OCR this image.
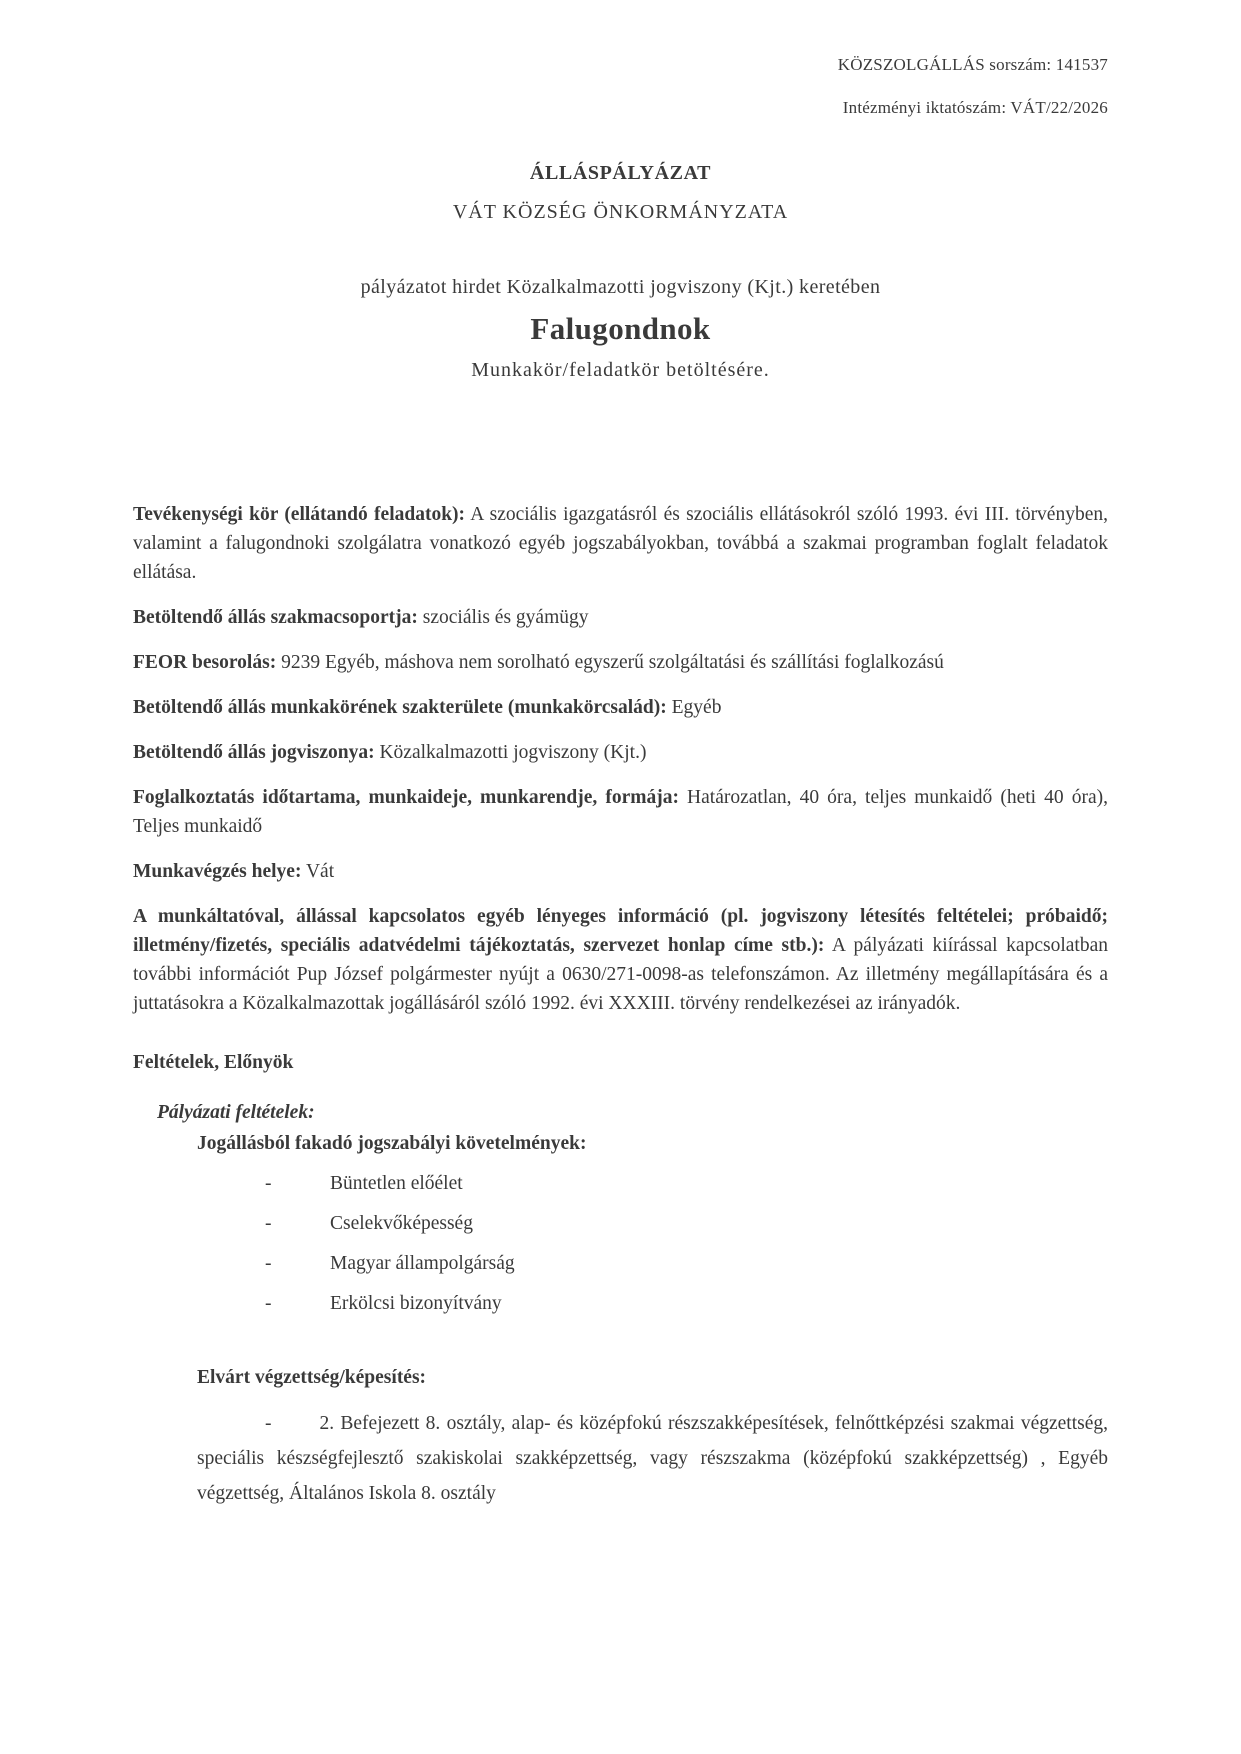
KÖZSZOLGÁLLÁS sorszám: 141537
Intézményi iktatószám: VÁT/22/2026
ÁLLÁSPÁLYÁZAT
VÁT KÖZSÉG ÖNKORMÁNYZATA
pályázatot hirdet Közalkalmazotti jogviszony (Kjt.) keretében
Falugondnok
Munkakör/feladatkör betöltésére.
Tevékenységi kör (ellátandó feladatok): A szociális igazgatásról és szociális ellátásokról szóló 1993. évi III. törvényben, valamint a falugondnoki szolgálatra vonatkozó egyéb jogszabályokban, továbbá a szakmai programban foglalt feladatok ellátása.
Betöltendő állás szakmacsoportja: szociális és gyámügy
FEOR besorolás: 9239 Egyéb, máshova nem sorolható egyszerű szolgáltatási és szállítási foglalkozású
Betöltendő állás munkakörének szakterülete (munkakörcsalád): Egyéb
Betöltendő állás jogviszonya: Közalkalmazotti jogviszony (Kjt.)
Foglalkoztatás időtartama, munkaideje, munkarendje, formája: Határozatlan, 40 óra, teljes munkaidő (heti 40 óra), Teljes munkaidő
Munkavégzés helye: Vát
A munkáltatóval, állással kapcsolatos egyéb lényeges információ (pl. jogviszony létesítés feltételei; próbaidő; illetmény/fizetés, speciális adatvédelmi tájékoztatás, szervezet honlap címe stb.): A pályázati kiírással kapcsolatban további információt Pup József polgármester nyújt a 0630/271-0098-as telefonszámon. Az illetmény megállapítására és a juttatásokra a Közalkalmazottak jogállásáról szóló 1992. évi XXXIII. törvény rendelkezései az irányadók.
Feltételek, Előnyök
Pályázati feltételek:
Jogállásból fakadó jogszabályi követelmények:
-	Büntetlen előélet
-	Cselekvőképesség
-	Magyar állampolgárság
-	Erkölcsi bizonyítvány
Elvárt végzettség/képesítés:
- 2. Befejezett 8. osztály, alap- és középfokú részszakképesítések, felnőttképzési szakmai végzettség, speciális készségfejlesztő szakiskolai szakképzettség, vagy részszakma (középfokú szakképzettség) , Egyéb végzettség, Általános Iskola 8. osztály
